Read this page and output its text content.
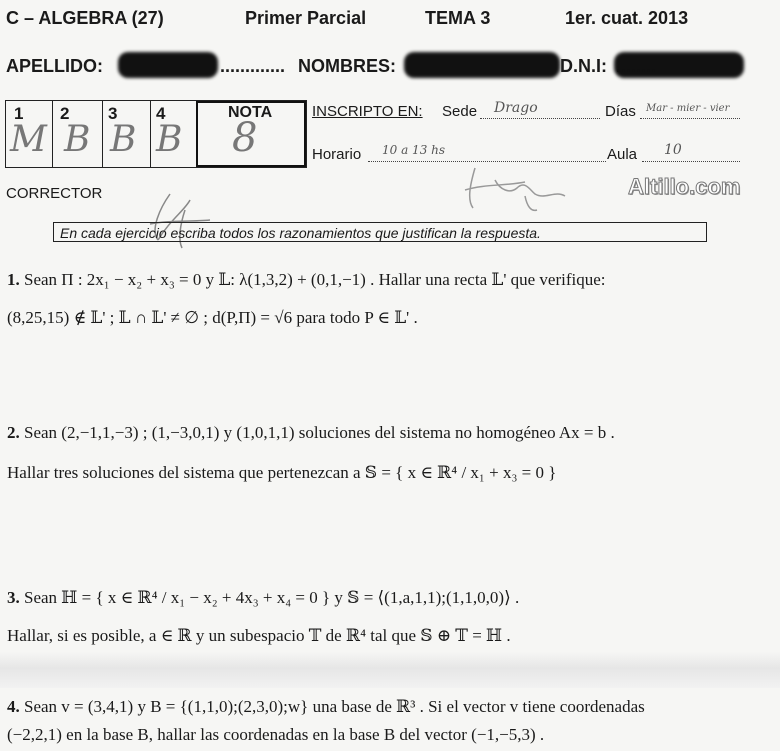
C – ALGEBRA (27)	Primer Parcial	TEMA 3	1er. cuat. 2013
APELLIDO:	............. NOMBRES:	D.N.I: ........
1 2 3 4	NOTA
M B B B 8
INSCRIPTO EN: Sede Drago	Días Mar - mier - vier
Horario 10 a 13 hs	Aula 10
CORRECTOR	Altillo.com
En cada ejercicio escriba todos los razonamientos que justifican la respuesta.

1. Sean Π : 2x₁ − x₂ + x₃ = 0 y 𝕃: λ(1,3,2) + (0,1,−1) . Hallar una recta 𝕃' que verifique:

(8,25,15) ∉ 𝕃' ; 𝕃 ∩ 𝕃' ≠ ∅ ; d(P,Π) = √6 para todo P ∈ 𝕃' .

2. Sean (2,−1,1,−3) ; (1,−3,0,1) y (1,0,1,1) soluciones del sistema no homogéneo Ax = b .

Hallar tres soluciones del sistema que pertenezcan a 𝕊 = { x ∈ ℝ⁴ / x₁ + x₃ = 0 }

3. Sean ℍ = { x ∈ ℝ⁴ / x₁ − x₂ + 4x₃ + x₄ = 0 } y 𝕊 = ⟨(1,a,1,1);(1,1,0,0)⟩ .

Hallar, si es posible, a ∈ ℝ y un subespacio 𝕋 de ℝ⁴ tal que 𝕊 ⊕ 𝕋 = ℍ .

4. Sean v = (3,4,1) y B = {(1,1,0);(2,3,0);w} una base de ℝ³ . Si el vector v tiene coordenadas

(−2,2,1) en la base B, hallar las coordenadas en la base B del vector (−1,−5,3) .
